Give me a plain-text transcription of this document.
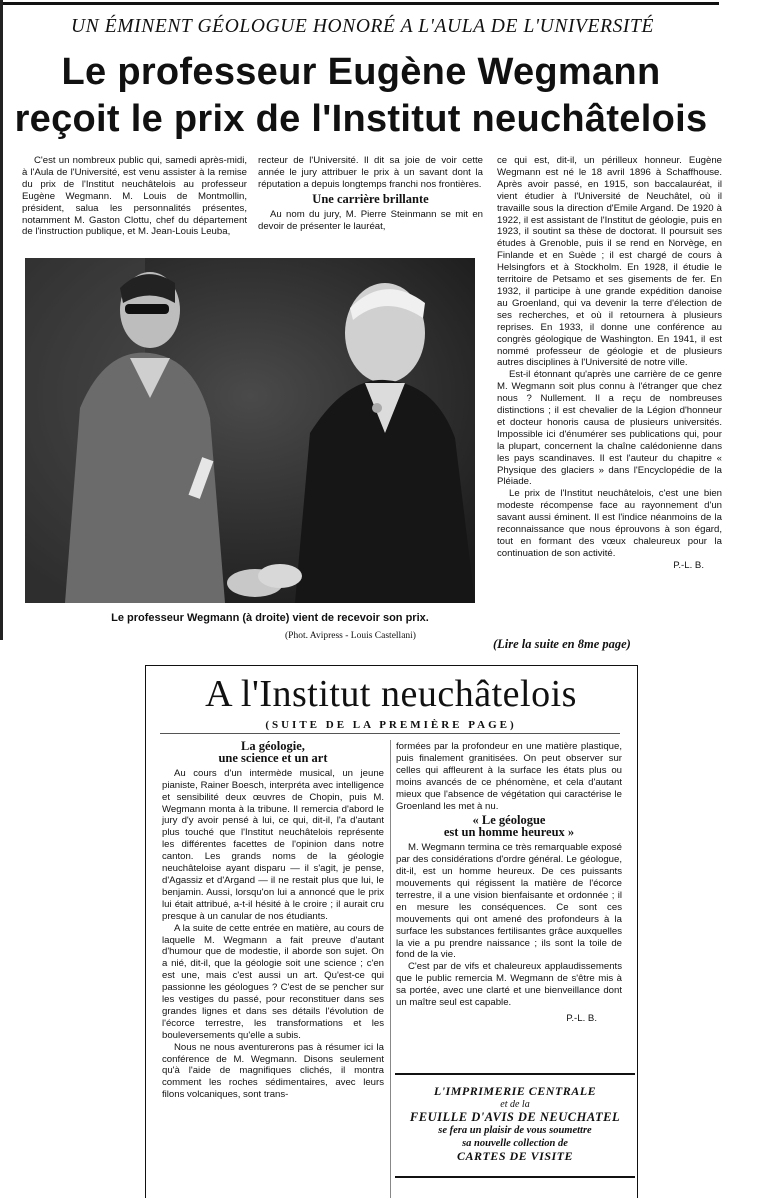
UN ÉMINENT GÉOLOGUE HONORÉ A L'AULA DE L'UNIVERSITÉ
Le professeur Eugène Wegmann
reçoit le prix de l'Institut neuchâtelois

C'est un nombreux public qui, samedi après-midi, à l'Aula de l'Université, est venu assister à la remise du prix de l'Institut neuchâtelois au professeur Eugène Wegmann. M. Louis de Montmollin, président, salua les personnalités présentes, notamment M. Gaston Clottu, chef du département de l'instruction publique, et M. Jean-Louis Leuba,

recteur de l'Université. Il dit sa joie de voir cette année le jury attribuer le prix à un savant dont la réputation a depuis longtemps franchi nos frontières.

Une carrière brillante

Au nom du jury, M. Pierre Steinmann se mit en devoir de présenter le lauréat,

ce qui est, dit-il, un périlleux honneur. Eugène Wegmann est né le 18 avril 1896 à Schaffhouse. Après avoir passé, en 1915, son baccalauréat, il vient étudier à l'Université de Neuchâtel, où il travaille sous la direction d'Emile Argand. De 1920 à 1922, il est assistant de l'Institut de géologie, puis en 1923, il soutint sa thèse de doctorat. Il poursuit ses études à Grenoble, puis il se rend en Norvège, en Finlande et en Suède ; il est chargé de cours à Helsingfors et à Stockholm. En 1928, il étudie le territoire de Petsamo et ses gisements de fer. En 1932, il participe à une grande expédition danoise au Groenland, qui va devenir la terre d'élection de ses recherches, et où il retournera à plusieurs reprises. En 1933, il donne une conférence au congrès géologique de Washington. En 1941, il est nommé professeur de géologie et de plusieurs autres disciplines à l'Université de notre ville.

Est-il étonnant qu'après une carrière de ce genre M. Wegmann soit plus connu à l'étranger que chez nous ? Nullement. Il a reçu de nombreuses distinctions ; il est chevalier de la Légion d'honneur et docteur honoris causa de plusieurs universités. Impossible ici d'énumérer ses publications qui, pour la plupart, concernent la chaîne calédonienne dans les pays scandinaves. Il est l'auteur du chapitre « Physique des glaciers » dans l'Encyclopédie de la Pléiade.

Le prix de l'Institut neuchâtelois, c'est une bien modeste récompense face au rayonnement d'un savant aussi éminent. Il est l'indice néanmoins de la reconnaissance que nous éprouvons à son égard, tout en formant des vœux chaleureux pour la continuation de son activité.

P.-L. B.
Le professeur Wegmann (à droite) vient de recevoir son prix.
(Phot. Avipress - Louis Castellani)
(Lire la suite en 8me page)
A l'Institut neuchâtelois
(SUITE DE LA PREMIÈRE PAGE)
La géologie,
une science et un art

Au cours d'un intermède musical, un jeune pianiste, Rainer Boesch, interpréta avec intelligence et sensibilité deux œuvres de Chopin, puis M. Wegmann monta à la tribune. Il remercia d'abord le jury d'y avoir pensé à lui, ce qui, dit-il, l'a d'autant plus touché que l'Institut neuchâtelois représente les différentes facettes de l'opinion dans notre canton. Les grands noms de la géologie neuchâteloise ayant disparu — il s'agit, je pense, d'Agassiz et d'Argand — il ne restait plus que lui, le benjamin. Aussi, lorsqu'on lui a annoncé que le prix lui était attribué, a-t-il hésité à le croire ; il aurait cru presque à un canular de nos étudiants.

A la suite de cette entrée en matière, au cours de laquelle M. Wegmann a fait preuve d'autant d'humour que de modestie, il aborde son sujet. On a nié, dit-il, que la géologie soit une science ; c'en est une, mais c'est aussi un art. Qu'est-ce qui passionne les géologues ? C'est de se pencher sur les vestiges du passé, pour reconstituer dans ses grandes lignes et dans ses détails l'évolution de l'écorce terrestre, les transformations et les bouleversements qu'elle a subis.

Nous ne nous aventurerons pas à résumer ici la conférence de M. Wegmann. Disons seulement qu'à l'aide de magnifiques clichés, il montra comment les roches sédimentaires, avec leurs filons volcaniques, sont trans-

formées par la profondeur en une matière plastique, puis finalement granitisées. On peut observer sur celles qui affleurent à la surface les états plus ou moins avancés de ce phénomène, et cela d'autant mieux que l'absence de végétation qui caractérise le Groenland les met à nu.

« Le géologue
est un homme heureux »

M. Wegmann termina ce très remarquable exposé par des considérations d'ordre général. Le géologue, dit-il, est un homme heureux. De ces puissants mouvements qui régissent la matière de l'écorce terrestre, il a une vision bienfaisante et ordonnée ; il en mesure les conséquences. Ce sont ces mouvements qui ont amené des profondeurs à la surface les substances fertilisantes grâce auxquelles la vie a pu prendre naissance ; ils sont la toile de fond de la vie.

C'est par de vifs et chaleureux applaudissements que le public remercia M. Wegmann de s'être mis à sa portée, avec une clarté et une bienveillance dont un maître seul est capable.

P.-L. B.
L'IMPRIMERIE CENTRALE
et de la
FEUILLE D'AVIS DE NEUCHATEL
se fera un plaisir de vous soumettre
sa nouvelle collection de
CARTES DE VISITE
